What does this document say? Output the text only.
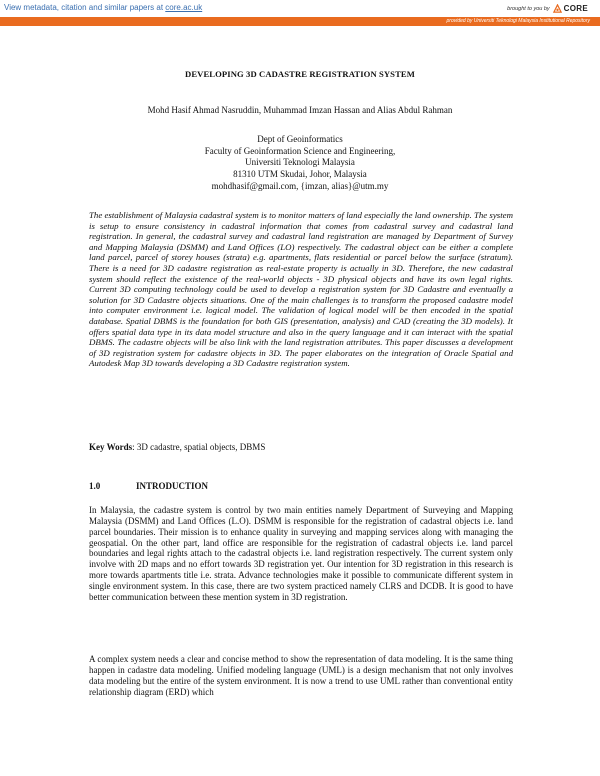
View metadata, citation and similar papers at core.ac.uk	brought to you by CORE
provided by Universiti Teknologi Malaysia Institutional Repository
DEVELOPING 3D CADASTRE REGISTRATION SYSTEM
Mohd Hasif Ahmad Nasruddin, Muhammad Imzan Hassan and Alias Abdul Rahman
Dept of Geoinformatics
Faculty of Geoinformation Science and Engineering,
Universiti Teknologi Malaysia
81310 UTM Skudai, Johor, Malaysia
mohdhasif@gmail.com, {imzan, alias}@utm.my
The establishment of Malaysia cadastral system is to monitor matters of land especially the land ownership. The system is setup to ensure consistency in cadastral information that comes from cadastral survey and cadastral land registration. In general, the cadastral survey and cadastral land registration are managed by Department of Survey and Mapping Malaysia (DSMM) and Land Offices (LO) respectively. The cadastral object can be either a complete land parcel, parcel of storey houses (strata) e.g. apartments, flats residential or parcel below the surface (stratum). There is a need for 3D cadastre registration as real-estate property is actually in 3D. Therefore, the new cadastral system should reflect the existence of the real-world objects - 3D physical objects and have its own legal rights. Current 3D computing technology could be used to develop a registration system for 3D Cadastre and eventually a solution for 3D Cadastre objects situations. One of the main challenges is to transform the proposed cadastre model into computer environment i.e. logical model. The validation of logical model will be then encoded in the spatial database. Spatial DBMS is the foundation for both GIS (presentation, analysis) and CAD (creating the 3D models). It offers spatial data type in its data model structure and also in the query language and it can interact with the spatial DBMS. The cadastre objects will be also link with the land registration attributes. This paper discusses a development of 3D registration system for cadastre objects in 3D. The paper elaborates on the integration of Oracle Spatial and Autodesk Map 3D towards developing a 3D Cadastre registration system.
Key Words: 3D cadastre, spatial objects, DBMS
1.0	INTRODUCTION
In Malaysia, the cadastre system is control by two main entities namely Department of Surveying and Mapping Malaysia (DSMM) and Land Offices (L.O). DSMM is responsible for the registration of cadastral objects i.e. land parcel boundaries. Their mission is to enhance quality in surveying and mapping services along with managing the geospatial. On the other part, land office are responsible for the registration of cadastral objects i.e. land parcel boundaries and legal rights attach to the cadastral objects i.e. land registration respectively. The current system only involve with 2D maps and no effort towards 3D registration yet. Our intention for 3D registration in this research is more towards apartments title i.e. strata. Advance technologies make it possible to communicate different system in single environment system. In this case, there are two system practiced namely CLRS and DCDB. It is good to have better communication between these mention system in 3D registration.
A complex system needs a clear and concise method to show the representation of data modeling. It is the same thing happen in cadastre data modeling. Unified modeling language (UML) is a design mechanism that not only involves data modeling but the entire of the system environment. It is now a trend to use UML rather than conventional entity relationship diagram (ERD) which
